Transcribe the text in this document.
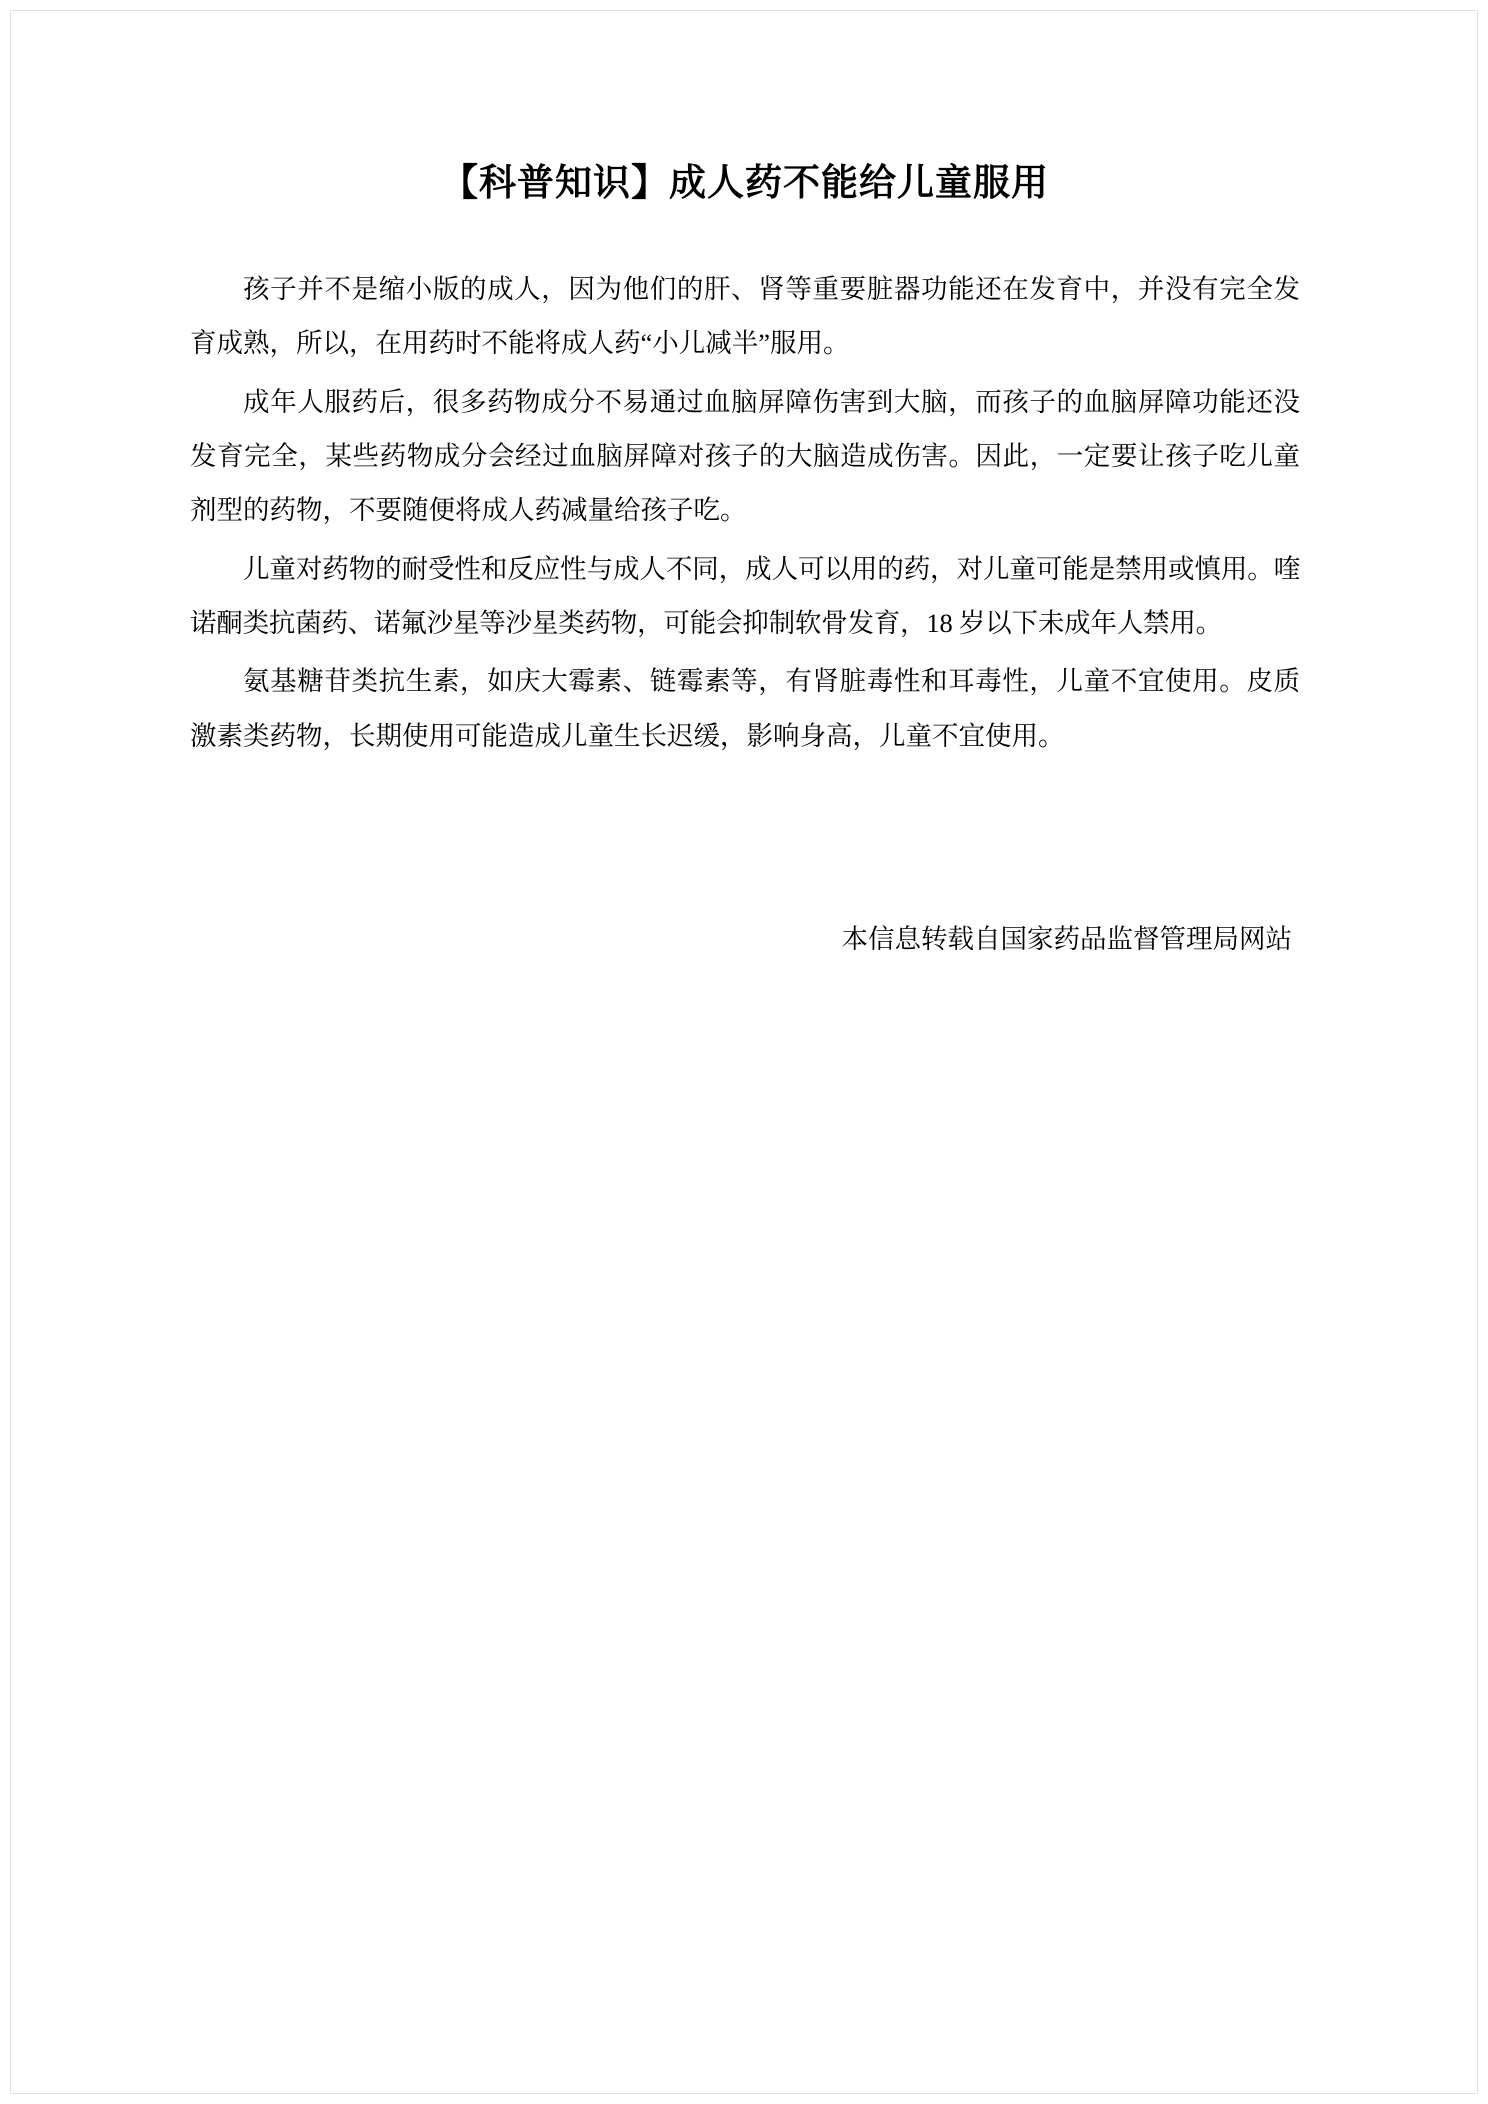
【科普知识】成人药不能给儿童服用

孩子并不是缩小版的成人，因为他们的肝、肾等重要脏器功能还在发育中，并没有完全发育成熟，所以，在用药时不能将成人药“小儿减半”服用。

成年人服药后，很多药物成分不易通过血脑屏障伤害到大脑，而孩子的血脑屏障功能还没发育完全，某些药物成分会经过血脑屏障对孩子的大脑造成伤害。因此，一定要让孩子吃儿童剂型的药物，不要随便将成人药减量给孩子吃。

儿童对药物的耐受性和反应性与成人不同，成人可以用的药，对儿童可能是禁用或慎用。喹诺酮类抗菌药、诺氟沙星等沙星类药物，可能会抑制软骨发育，18 岁以下未成年人禁用。

氨基糖苷类抗生素，如庆大霉素、链霉素等，有肾脏毒性和耳毒性，儿童不宜使用。皮质激素类药物，长期使用可能造成儿童生长迟缓，影响身高，儿童不宜使用。

本信息转载自国家药品监督管理局网站
